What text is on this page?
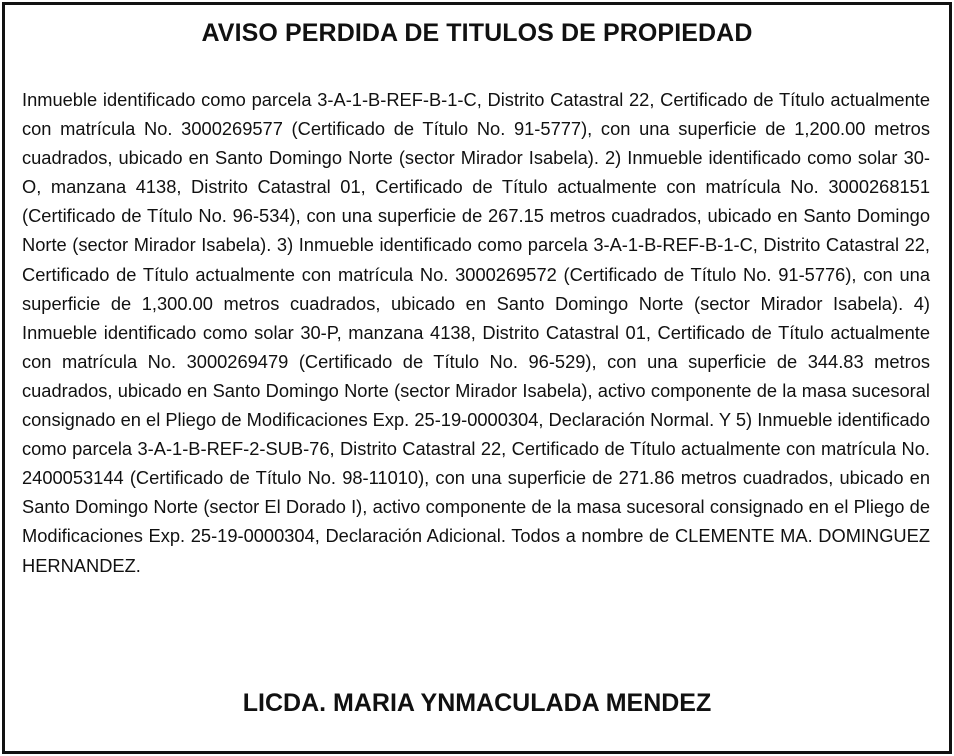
AVISO PERDIDA DE TITULOS DE PROPIEDAD

Inmueble identificado como parcela 3-A-1-B-REF-B-1-C, Distrito Catastral 22, Certificado de Título actualmente con matrícula No. 3000269577 (Certificado de Título No. 91-5777), con una superficie de 1,200.00 metros cuadrados, ubicado en Santo Domingo Norte (sector Mirador Isabela). 2) Inmueble identificado como solar 30-O, manzana 4138, Distrito Catastral 01, Certificado de Título actualmente con matrícula No. 3000268151 (Certificado de Título No. 96-534), con una superficie de 267.15 metros cuadrados, ubicado en Santo Domingo Norte (sector Mirador Isabela). 3) Inmueble identificado como parcela 3-A-1-B-REF-B-1-C, Distrito Catastral 22, Certificado de Título actualmente con matrícula No. 3000269572 (Certificado de Título No. 91-5776), con una superficie de 1,300.00 metros cuadrados, ubicado en Santo Domingo Norte (sector Mirador Isabela). 4) Inmueble identificado como solar 30-P, manzana 4138, Distrito Catastral 01, Certificado de Título actualmente con matrícula No. 3000269479 (Certificado de Título No. 96-529), con una superficie de 344.83 metros cuadrados, ubicado en Santo Domingo Norte (sector Mirador Isabela), activo componente de la masa sucesoral consignado en el Pliego de Modificaciones Exp. 25-19-0000304, Declaración Normal. Y 5) Inmueble identificado como parcela 3-A-1-B-REF-2-SUB-76, Distrito Catastral 22, Certificado de Título actualmente con matrícula No. 2400053144 (Certificado de Título No. 98-11010), con una superficie de 271.86 metros cuadrados, ubicado en Santo Domingo Norte (sector El Dorado I), activo componente de la masa sucesoral consignado en el Pliego de Modificaciones Exp. 25-19-0000304, Declaración Adicional. Todos a nombre de CLEMENTE MA. DOMINGUEZ HERNANDEZ.

LICDA. MARIA YNMACULADA MENDEZ
